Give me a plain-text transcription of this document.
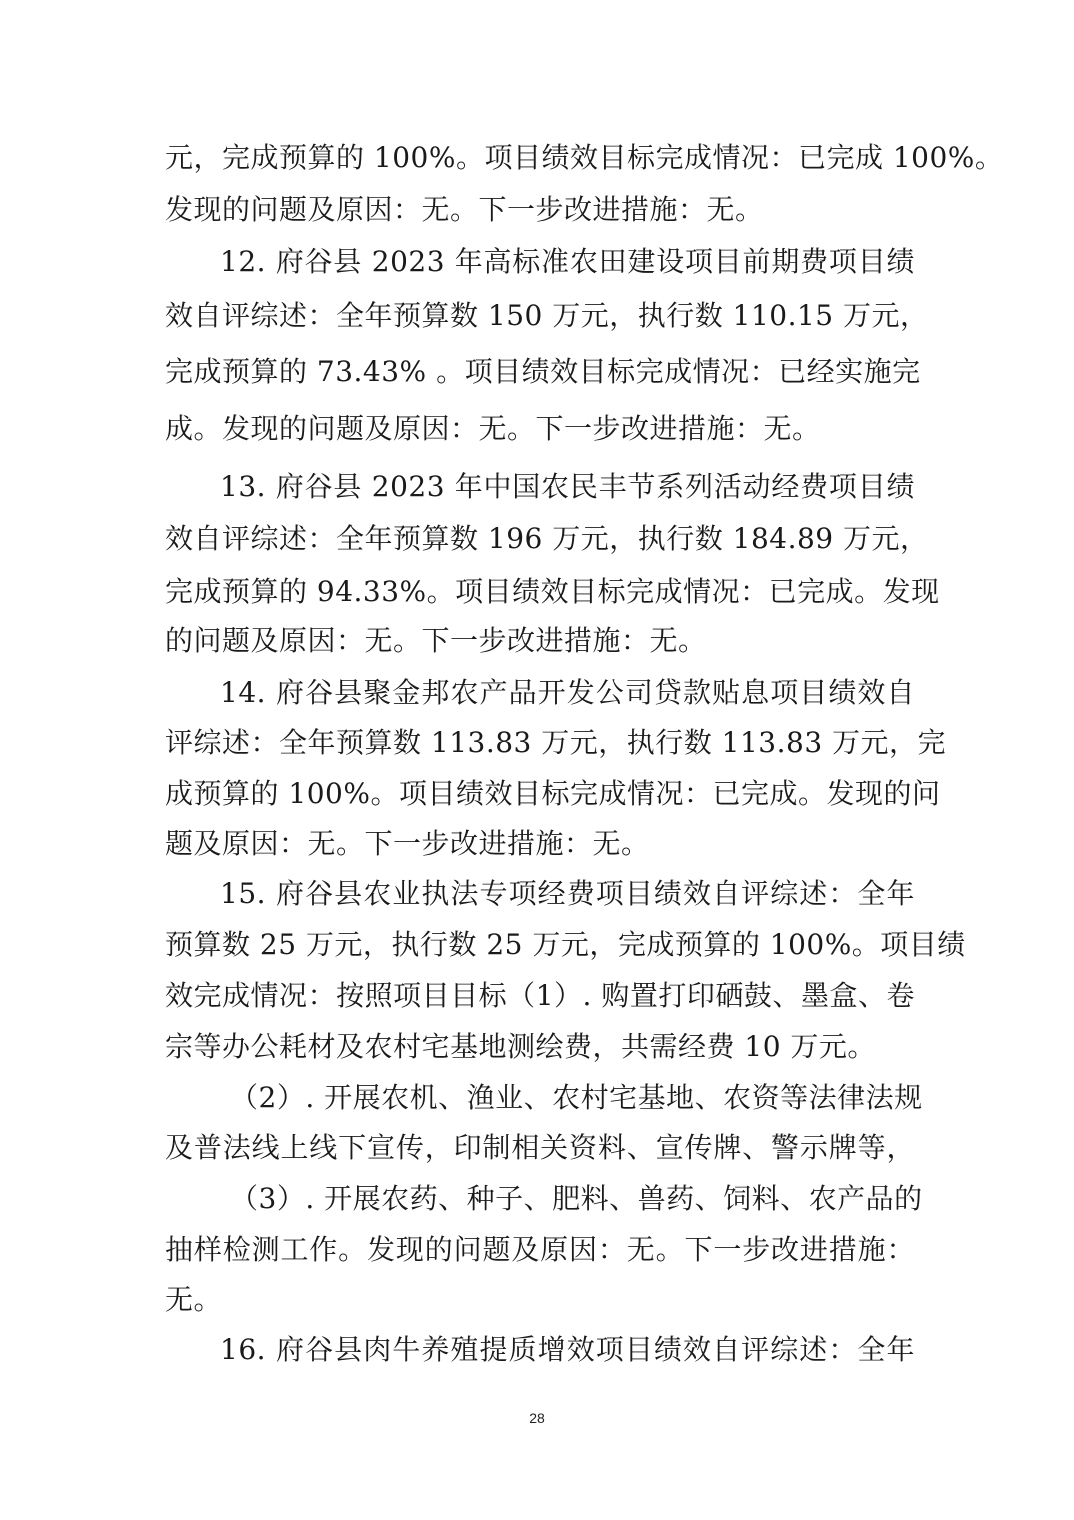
元，完成预算的 100%。项目绩效目标完成情况：已完成 100%。
发现的问题及原因：无。下一步改进措施：无。
12. 府谷县 2023 年高标准农田建设项目前期费项目绩
效自评综述：全年预算数 150 万元，执行数 110.15 万元，
完成预算的 73.43% 。项目绩效目标完成情况：已经实施完
成。发现的问题及原因：无。下一步改进措施：无。
13. 府谷县 2023 年中国农民丰节系列活动经费项目绩
效自评综述：全年预算数 196 万元，执行数 184.89 万元，
完成预算的 94.33%。项目绩效目标完成情况：已完成。发现
的问题及原因：无。下一步改进措施：无。
14. 府谷县聚金邦农产品开发公司贷款贴息项目绩效自
评综述：全年预算数 113.83 万元，执行数 113.83 万元，完
成预算的 100%。项目绩效目标完成情况：已完成。发现的问
题及原因：无。下一步改进措施：无。
15. 府谷县农业执法专项经费项目绩效自评综述：全年
预算数 25 万元，执行数 25 万元，完成预算的 100%。项目绩
效完成情况：按照项目目标（1）. 购置打印硒鼓、墨盒、卷
宗等办公耗材及农村宅基地测绘费，共需经费 10 万元。
（2）. 开展农机、渔业、农村宅基地、农资等法律法规
及普法线上线下宣传，印制相关资料、宣传牌、警示牌等，
（3）. 开展农药、种子、肥料、兽药、饲料、农产品的
抽样检测工作。发现的问题及原因：无。下一步改进措施：
无。
16. 府谷县肉牛养殖提质增效项目绩效自评综述：全年
28
